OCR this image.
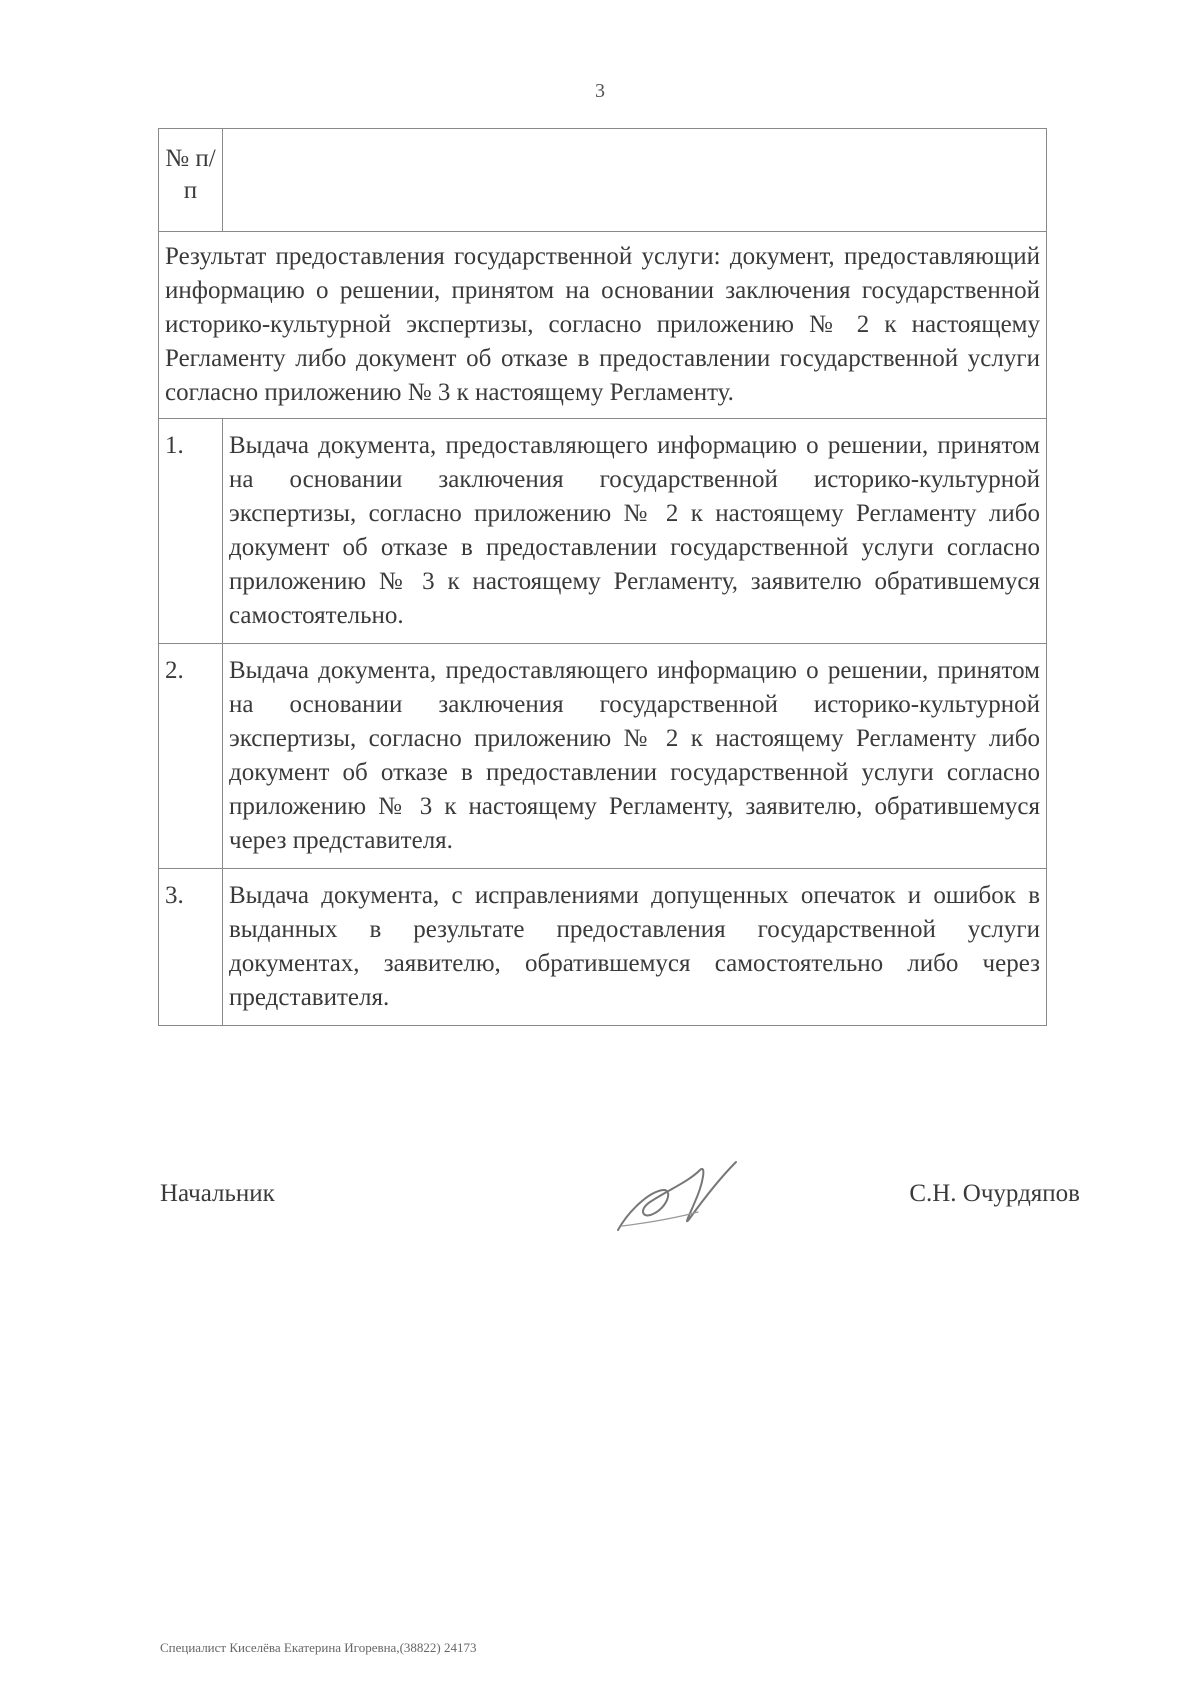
3
№ п/п	
Результат предоставления государственной услуги: документ, предоставляющий информацию о решении, принятом на основании заключения государственной историко-культурной экспертизы, согласно приложению № 2 к настоящему Регламенту либо документ об отказе в предоставлении государственной услуги согласно приложению № 3 к настоящему Регламенту.	
1.	Выдача документа, предоставляющего информацию о решении, принятом на основании заключения государственной историко-культурной экспертизы, согласно приложению № 2 к настоящему Регламенту либо документ об отказе в предоставлении государственной услуги согласно приложению № 3 к настоящему Регламенту, заявителю обратившемуся самостоятельно.
2.	Выдача документа, предоставляющего информацию о решении, принятом на основании заключения государственной историко-культурной экспертизы, согласно приложению № 2 к настоящему Регламенту либо документ об отказе в предоставлении государственной услуги согласно приложению № 3 к настоящему Регламенту, заявителю, обратившемуся через представителя.
3.	Выдача документа, с исправлениями допущенных опечаток и ошибок в выданных в результате предоставления государственной услуги документах, заявителю, обратившемуся самостоятельно либо через представителя.
Начальник	С.Н. Очурдяпов
Специалист Киселёва Екатерина Игоревна,(38822) 24173
